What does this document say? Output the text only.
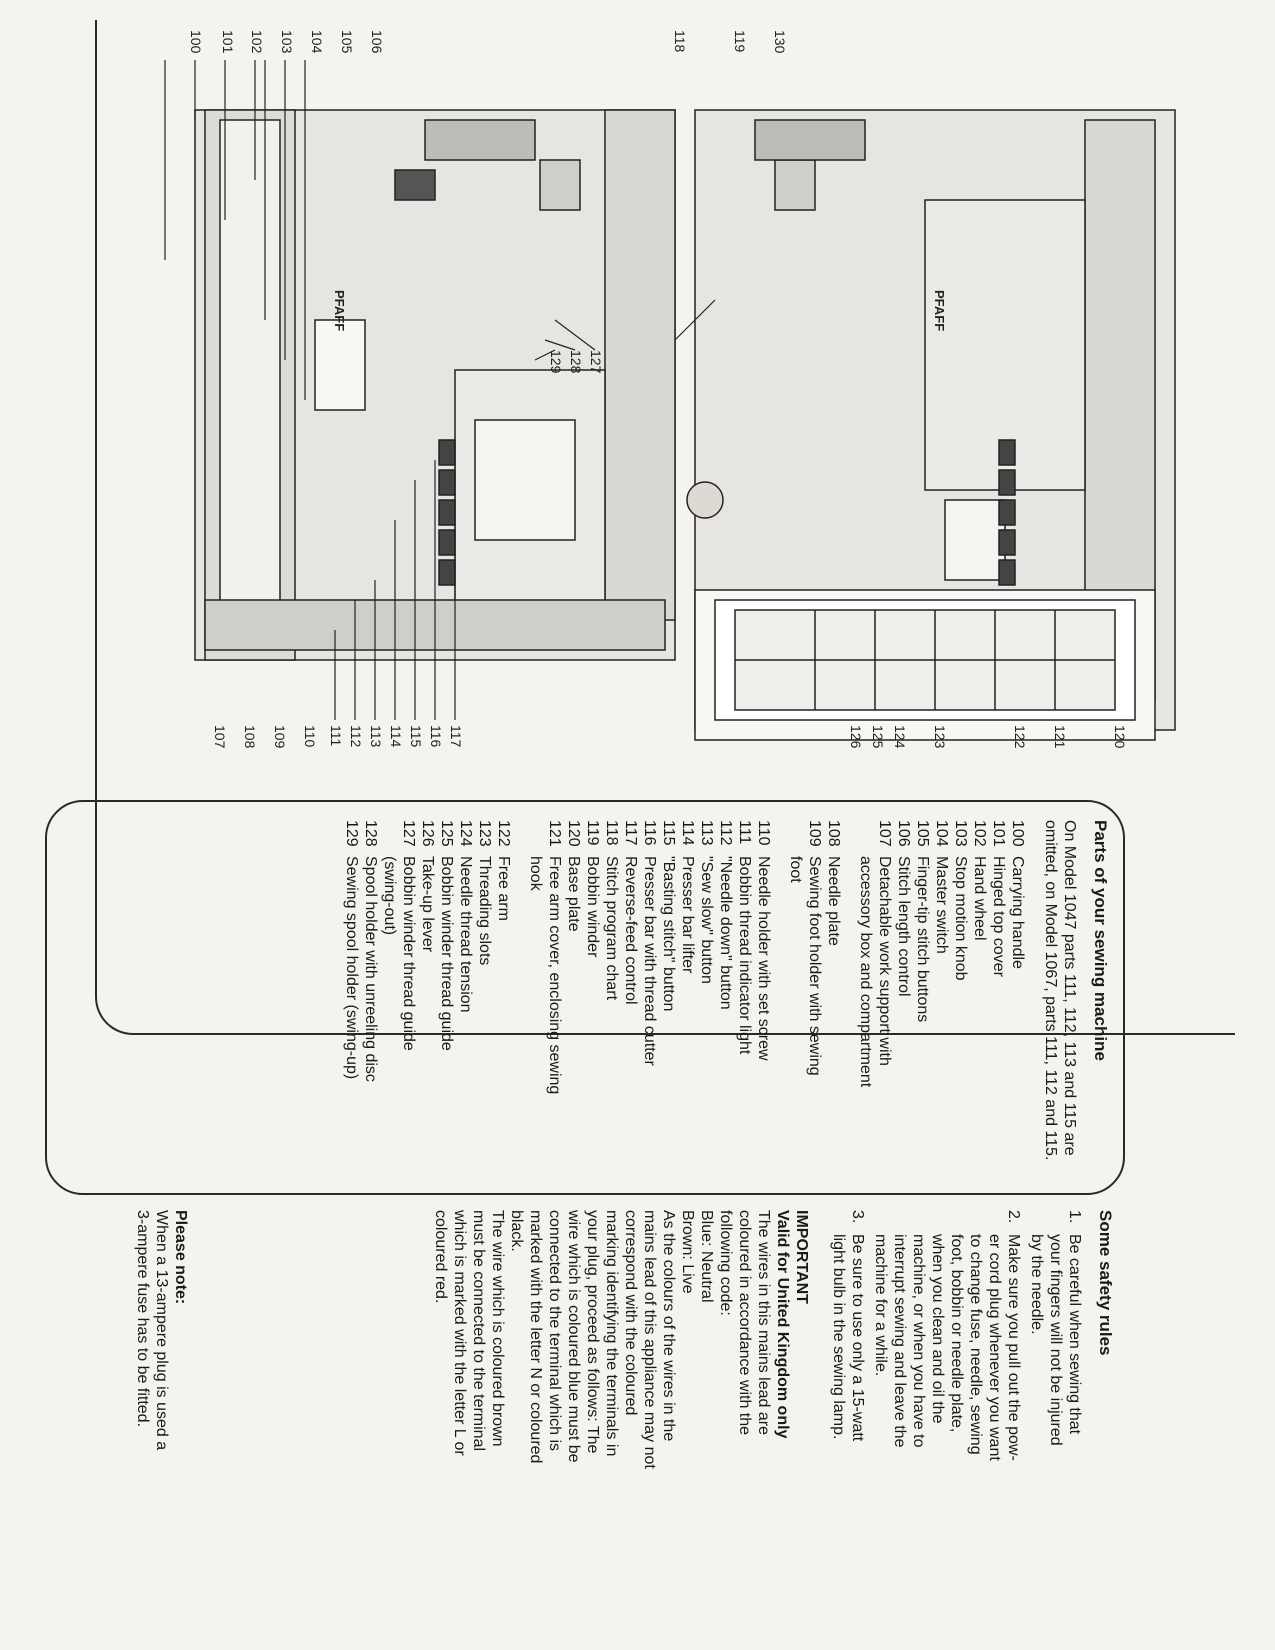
100 101 102 103 104 105 106
107 108 109 110 111 112 113 114 115 116 117
118	119
120
121
122
123
124
125
126
127
128
129
130
PFAFF	PFAFF
Parts of your sewing machine
On Model 1047 parts 111, 112, 113 and 115 are omitted, on Model 1067, parts 111, 112 and 115.
100
Carrying handle
101
Hinged top cover
102
Hand wheel
103
Stop motion knob
104
Master switch
105
Finger-tip stitch buttons
106
Stitch length control
107
Detachable work support with
accessory box and compartment
108
Needle plate
109
Sewing foot holder with sewing
foot
110
Needle holder with set screw
111
Bobbin thread indicator light
112
"Needle down" button
113
"Sew slow" button
114
Presser bar lifter
115
"Basting stitch" button
116
Presser bar with thread cutter
117
Reverse-feed control
118
Stitch program chart
119
Bobbin winder
120
Base plate
121
Free arm cover, enclosing sewing
hook
122
Free arm
123
Threading slots
124
Needle thread tension
125
Bobbin winder thread guide
126
Take-up lever
127
Bobbin winder thread guide
(swing-out)
128
Spool holder with unreeling disc
129
Sewing spool holder (swing-up)
Some safety rules
1.
Be careful when sewing that
your fingers will not be injured
by the needle.
2.
Make sure you pull out the pow-
er cord plug whenever you want
to change fuse, needle, sewing
foot, bobbin or needle plate,
when you clean and oil the
machine, or when you have to
interrupt sewing and leave the
machine for a while.
3.
Be sure to use only a 15-watt
light bulb in the sewing lamp.
IMPORTANT
Valid for United Kingdom only
The wires in this mains lead are
coloured in accordance with the
following code:
Blue: Neutral
Brown: Live
As the colours of the wires in the
mains lead of this appliance may not
correspond with the coloured
marking identifying the terminals in
your plug, proceed as follows: The
wire which is coloured blue must be
connected to the terminal which is
marked with the letter N or coloured
black.
The wire which is coloured brown
must be connected to the terminal
which is marked with the letter L or
coloured red.
Please note:
When a 13-ampere plug is used a
3-ampere fuse has to be fitted.
